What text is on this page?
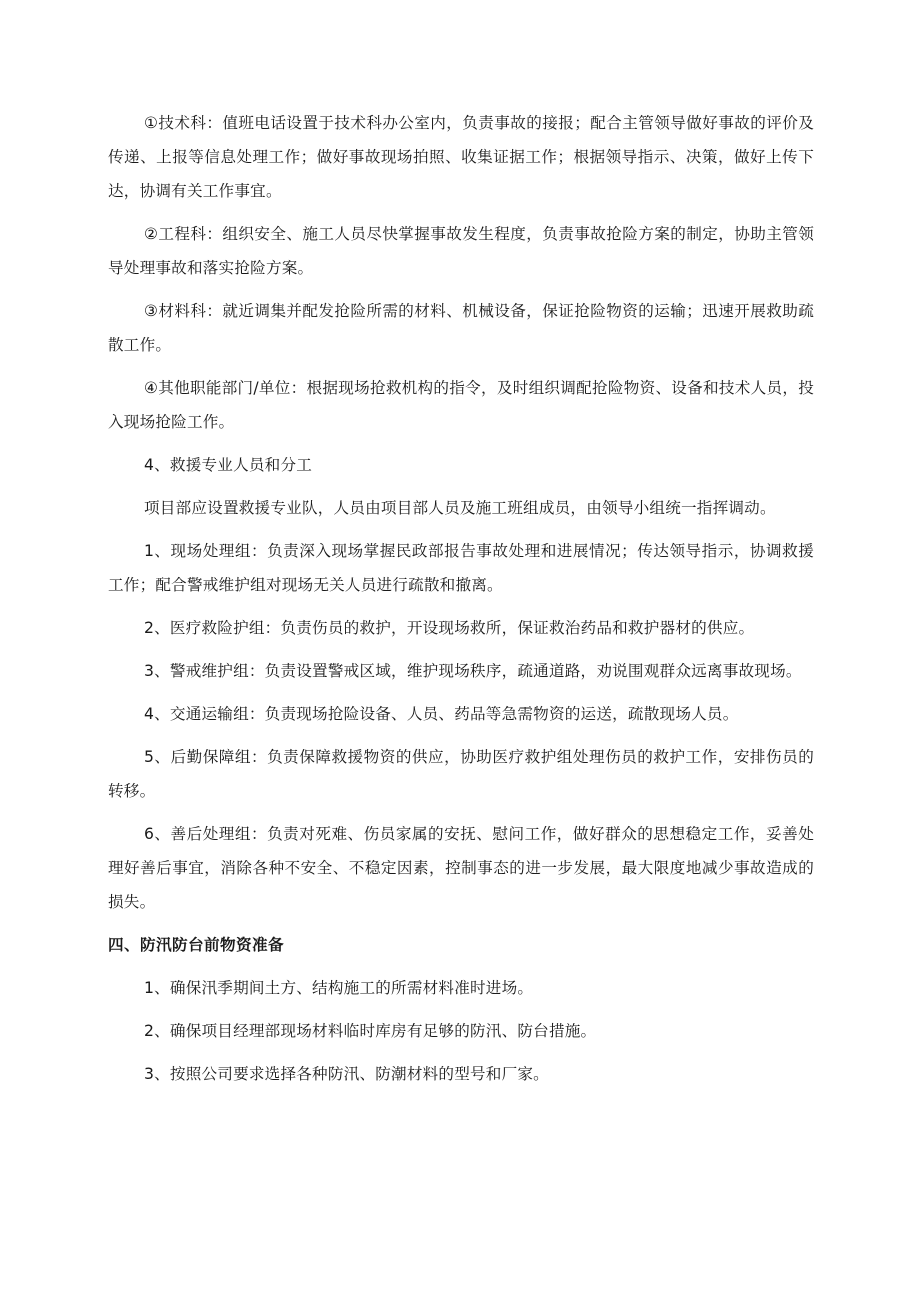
①技术科：值班电话设置于技术科办公室内，负责事故的接报；配合主管领导做好事故的评价及传递、上报等信息处理工作；做好事故现场拍照、收集证据工作；根据领导指示、决策，做好上传下达，协调有关工作事宜。

②工程科：组织安全、施工人员尽快掌握事故发生程度，负责事故抢险方案的制定，协助主管领导处理事故和落实抢险方案。

③材料科：就近调集并配发抢险所需的材料、机械设备，保证抢险物资的运输；迅速开展救助疏散工作。

④其他职能部门/单位：根据现场抢救机构的指令，及时组织调配抢险物资、设备和技术人员，投入现场抢险工作。

4、救援专业人员和分工

项目部应设置救援专业队，人员由项目部人员及施工班组成员，由领导小组统一指挥调动。

1、现场处理组：负责深入现场掌握民政部报告事故处理和进展情况；传达领导指示，协调救援工作；配合警戒维护组对现场无关人员进行疏散和撤离。

2、医疗救险护组：负责伤员的救护，开设现场救所，保证救治药品和救护器材的供应。

3、警戒维护组：负责设置警戒区域，维护现场秩序，疏通道路，劝说围观群众远离事故现场。

4、交通运输组：负责现场抢险设备、人员、药品等急需物资的运送，疏散现场人员。

5、后勤保障组：负责保障救援物资的供应，协助医疗救护组处理伤员的救护工作，安排伤员的转移。

6、善后处理组：负责对死难、伤员家属的安抚、慰问工作，做好群众的思想稳定工作，妥善处理好善后事宜，消除各种不安全、不稳定因素，控制事态的进一步发展，最大限度地减少事故造成的损失。

四、防汛防台前物资准备

1、确保汛季期间土方、结构施工的所需材料准时进场。

2、确保项目经理部现场材料临时库房有足够的防汛、防台措施。

3、按照公司要求选择各种防汛、防潮材料的型号和厂家。
